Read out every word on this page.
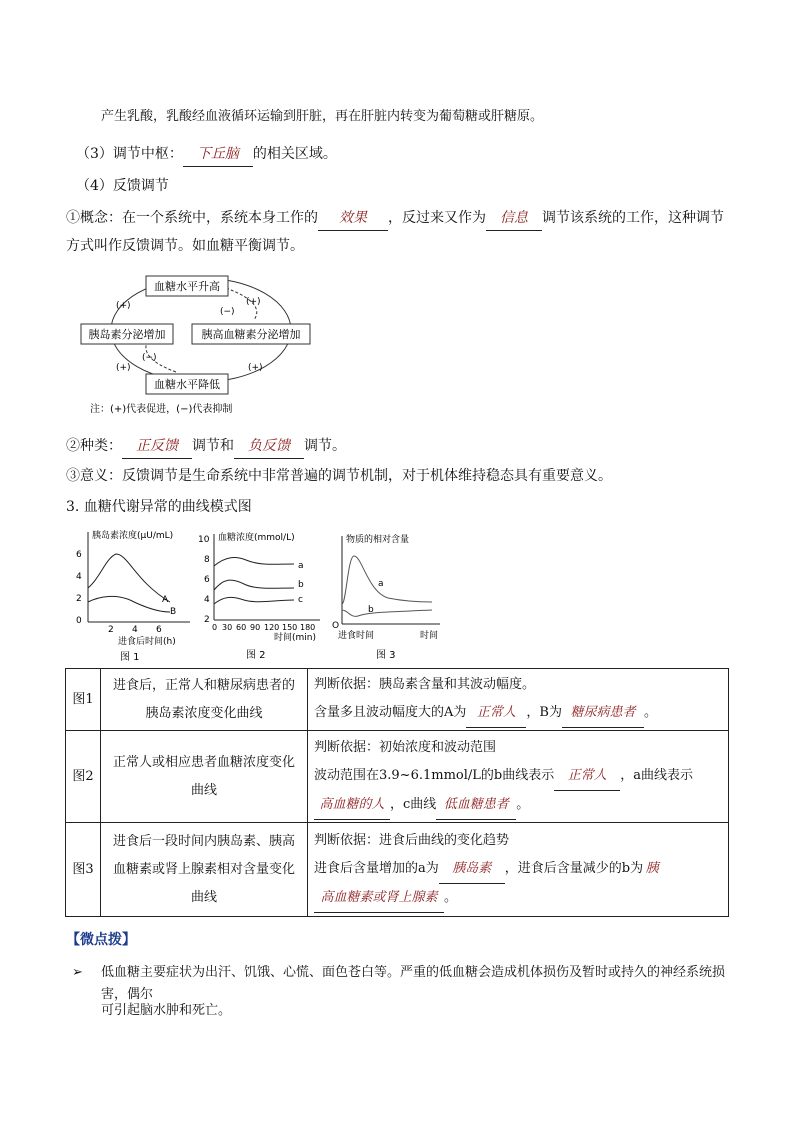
产生乳酸，乳酸经血液循环运输到肝脏，再在肝脏内转变为葡萄糖或肝糖原。
（3）调节中枢： 下丘脑 的相关区域。
（4）反馈调节
①概念：在一个系统中，系统本身工作的 效果 ，反过来又作为 信息 调节该系统的工作，这种调节
方式叫作反馈调节。如血糖平衡调节。
血糖水平升高
胰岛素分泌增加	胰高血糖素分泌增加
血糖水平降低
(+)	(+)
(−)
(+)	(+)
(−)
注：(+)代表促进，(−)代表抑制
②种类： 正反馈 调节和 负反馈 调节。
③意义：反馈调节是生命系统中非常普遍的调节机制，对于机体维持稳态具有重要意义。
3. 血糖代谢异常的曲线模式图
胰岛素浓度(μU/mL)
6
4
2
0
2 4 6
进食后时间(h)
A
B
图 1
血糖浓度(mmol/L)
10
8
6
4
2
0 30 60 90 120 150 180
时间(min)
a
b
c
图 2
物质的相对含量
O
进食时间	时间
a
b
图 3
图1	进食后，正常人和糖尿病患者的胰岛素浓度变化曲线	判断依据：胰岛素含量和其波动幅度。
含量多且波动幅度大的A为 正常人 ，B为 糖尿病患者 。

图2	正常人或相应患者血糖浓度变化曲线	判断依据：初始浓度和波动范围
波动范围在3.9~6.1mmol/L的b曲线表示 正常人 ，a曲线表示
高血糖的人 ，c曲线 低血糖患者 。

图3	进食后一段时间内胰岛素、胰高血糖素或肾上腺素相对含量变化曲线	判断依据：进食后曲线的变化趋势
进食后含量增加的a为 胰岛素 ，进食后含量减少的b为 胰
高血糖素或肾上腺素 。
【微点拨】
➢ 低血糖主要症状为出汗、饥饿、心慌、面色苍白等。严重的低血糖会造成机体损伤及暂时或持久的神经系统损害，偶尔
可引起脑水肿和死亡。
